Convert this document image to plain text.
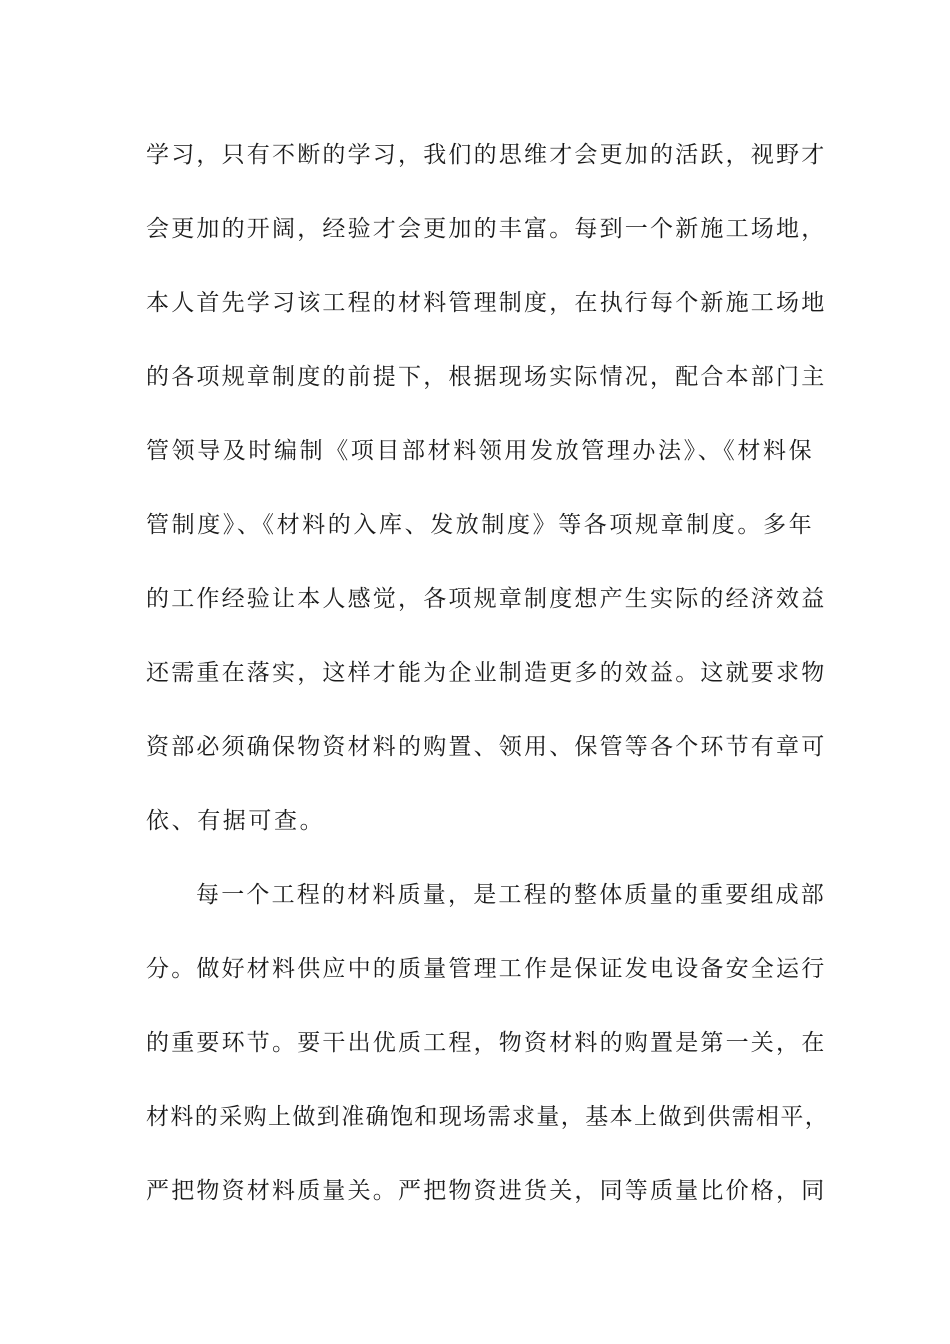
学习，只有不断的学习，我们的思维才会更加的活跃，视野才

会更加的开阔，经验才会更加的丰富。每到一个新施工场地，

本人首先学习该工程的材料管理制度，在执行每个新施工场地

的各项规章制度的前提下，根据现场实际情况，配合本部门主

管领导及时编制《项目部材料领用发放管理办法》、《材料保

管制度》、《材料的入库、发放制度》等各项规章制度。多年

的工作经验让本人感觉，各项规章制度想产生实际的经济效益

还需重在落实，这样才能为企业制造更多的效益。这就要求物

资部必须确保物资材料的购置、领用、保管等各个环节有章可

依、有据可查。

每一个工程的材料质量，是工程的整体质量的重要组成部

分。做好材料供应中的质量管理工作是保证发电设备安全运行

的重要环节。要干出优质工程，物资材料的购置是第一关，在

材料的采购上做到准确饱和现场需求量，基本上做到供需相平，

严把物资材料质量关。严把物资进货关，同等质量比价格，同
